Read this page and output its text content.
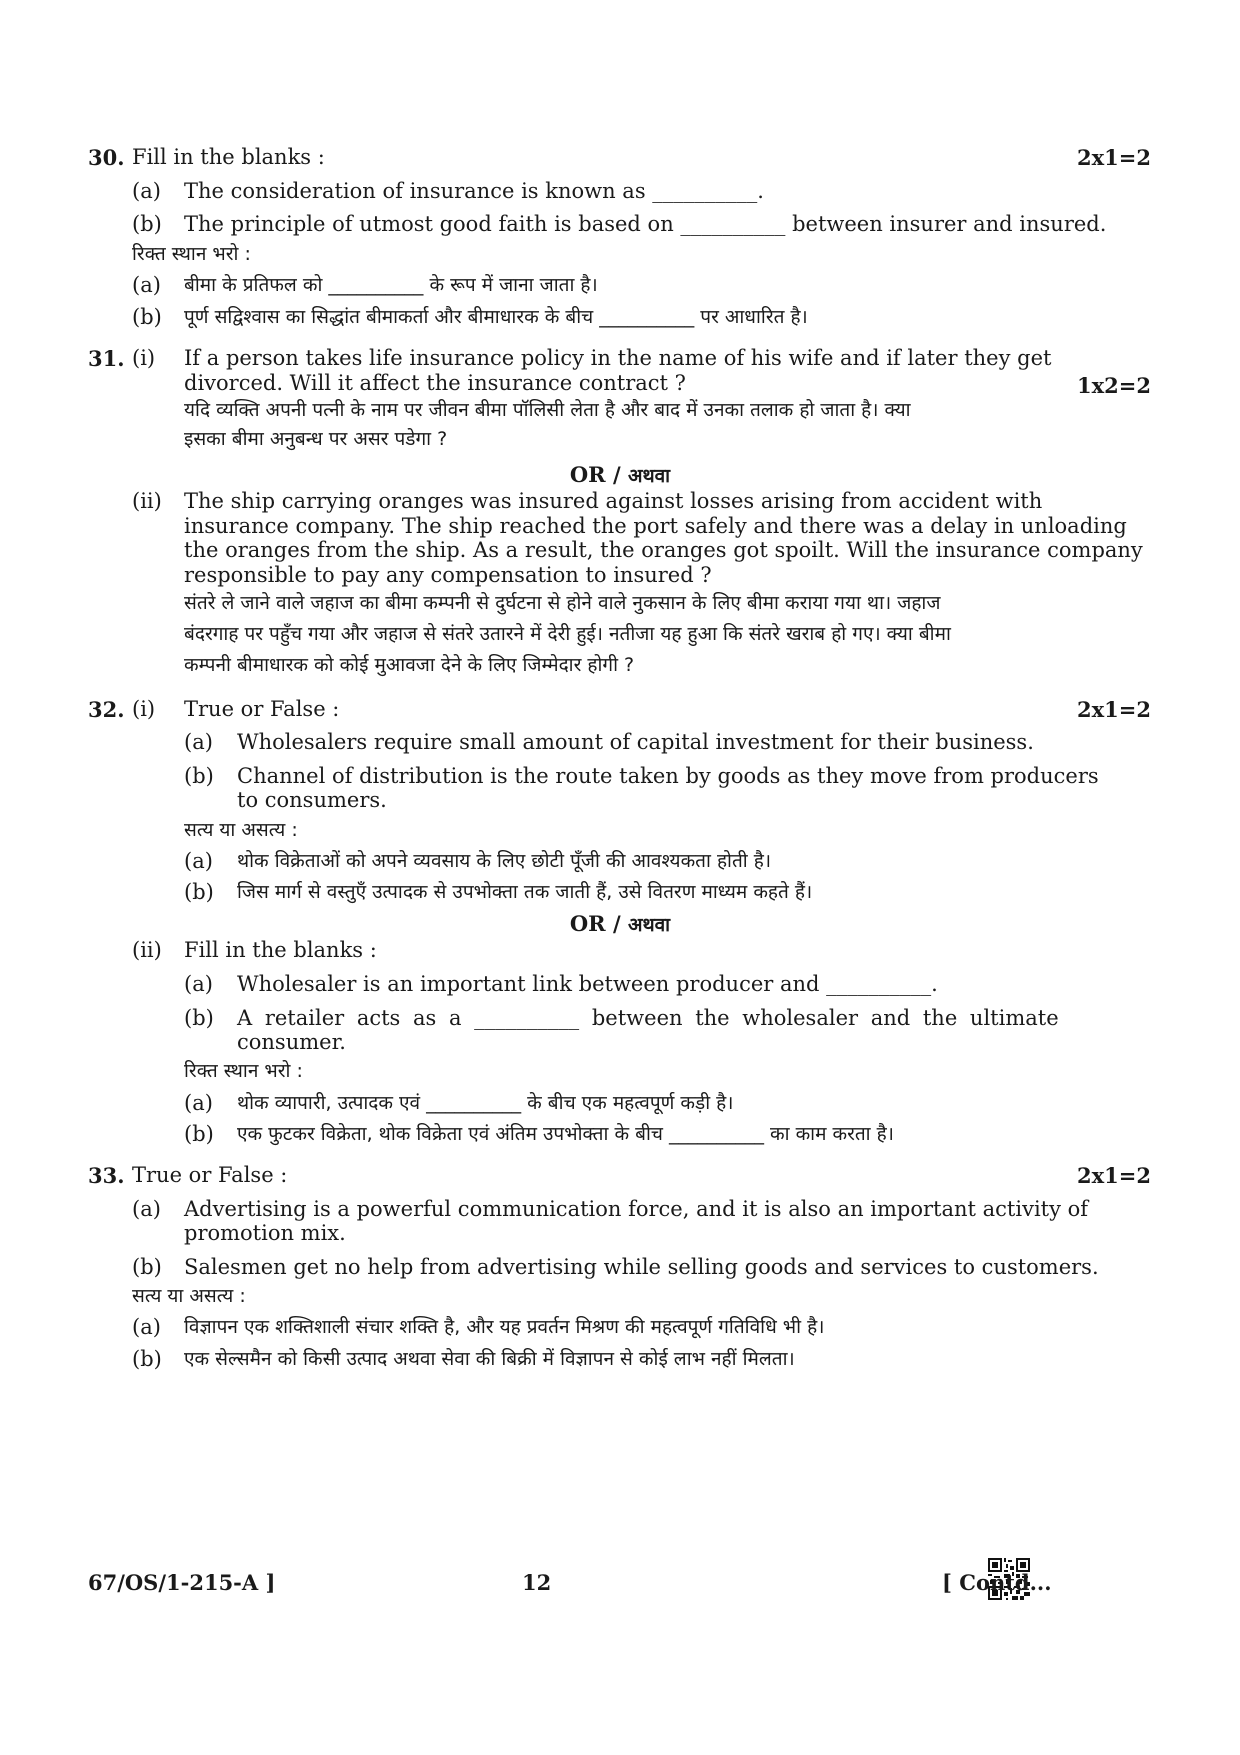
30. Fill in the blanks :	2x1=2
(a) The consideration of insurance is known as __________.
(b) The principle of utmost good faith is based on __________ between insurer and insured.
रिक्त स्थान भरो :
(a) बीमा के प्रतिफल को __________ के रूप में जाना जाता है।
(b) पूर्ण सद्विश्वास का सिद्धांत बीमाकर्ता और बीमाधारक के बीच __________ पर आधारित है।
31. (i) If a person takes life insurance policy in the name of his wife and if later they get
divorced. Will it affect the insurance contract ?	1x2=2
यदि व्यक्ति अपनी पत्नी के नाम पर जीवन बीमा पॉलिसी लेता है और बाद में उनका तलाक हो जाता है। क्या
इसका बीमा अनुबन्ध पर असर पडेगा ?
OR / अथवा
(ii) The ship carrying oranges was insured against losses arising from accident with
insurance company. The ship reached the port safely and there was a delay in unloading
the oranges from the ship. As a result, the oranges got spoilt. Will the insurance company
responsible to pay any compensation to insured ?
संतरे ले जाने वाले जहाज का बीमा कम्पनी से दुर्घटना से होने वाले नुकसान के लिए बीमा कराया गया था। जहाज
बंदरगाह पर पहुँच गया और जहाज से संतरे उतारने में देरी हुई। नतीजा यह हुआ कि संतरे खराब हो गए। क्या बीमा
कम्पनी बीमाधारक को कोई मुआवजा देने के लिए जिम्मेदार होगी ?
32. (i) True or False :	2x1=2
(a) Wholesalers require small amount of capital investment for their business.
(b) Channel of distribution is the route taken by goods as they move from producers
to consumers.
सत्य या असत्य :
(a) थोक विक्रेताओं को अपने व्यवसाय के लिए छोटी पूँजी की आवश्यकता होती है।
(b) जिस मार्ग से वस्तुएँ उत्पादक से उपभोक्ता तक जाती हैं, उसे वितरण माध्यम कहते हैं।
OR / अथवा
(ii) Fill in the blanks :
(a) Wholesaler is an important link between producer and __________.
(b) A retailer acts as a __________ between the wholesaler and the ultimate
consumer.
रिक्त स्थान भरो :
(a) थोक व्यापारी, उत्पादक एवं __________ के बीच एक महत्वपूर्ण कड़ी है।
(b) एक फुटकर विक्रेता, थोक विक्रेता एवं अंतिम उपभोक्ता के बीच __________ का काम करता है।
33. True or False :	2x1=2
(a) Advertising is a powerful communication force, and it is also an important activity of
promotion mix.
(b) Salesmen get no help from advertising while selling goods and services to customers.
सत्य या असत्य :
(a) विज्ञापन एक शक्तिशाली संचार शक्ति है, और यह प्रवर्तन मिश्रण की महत्वपूर्ण गतिविधि भी है।
(b) एक सेल्समैन को किसी उत्पाद अथवा सेवा की बिक्री में विज्ञापन से कोई लाभ नहीं मिलता।
67/OS/1-215-A ]	12	[ Contd...
